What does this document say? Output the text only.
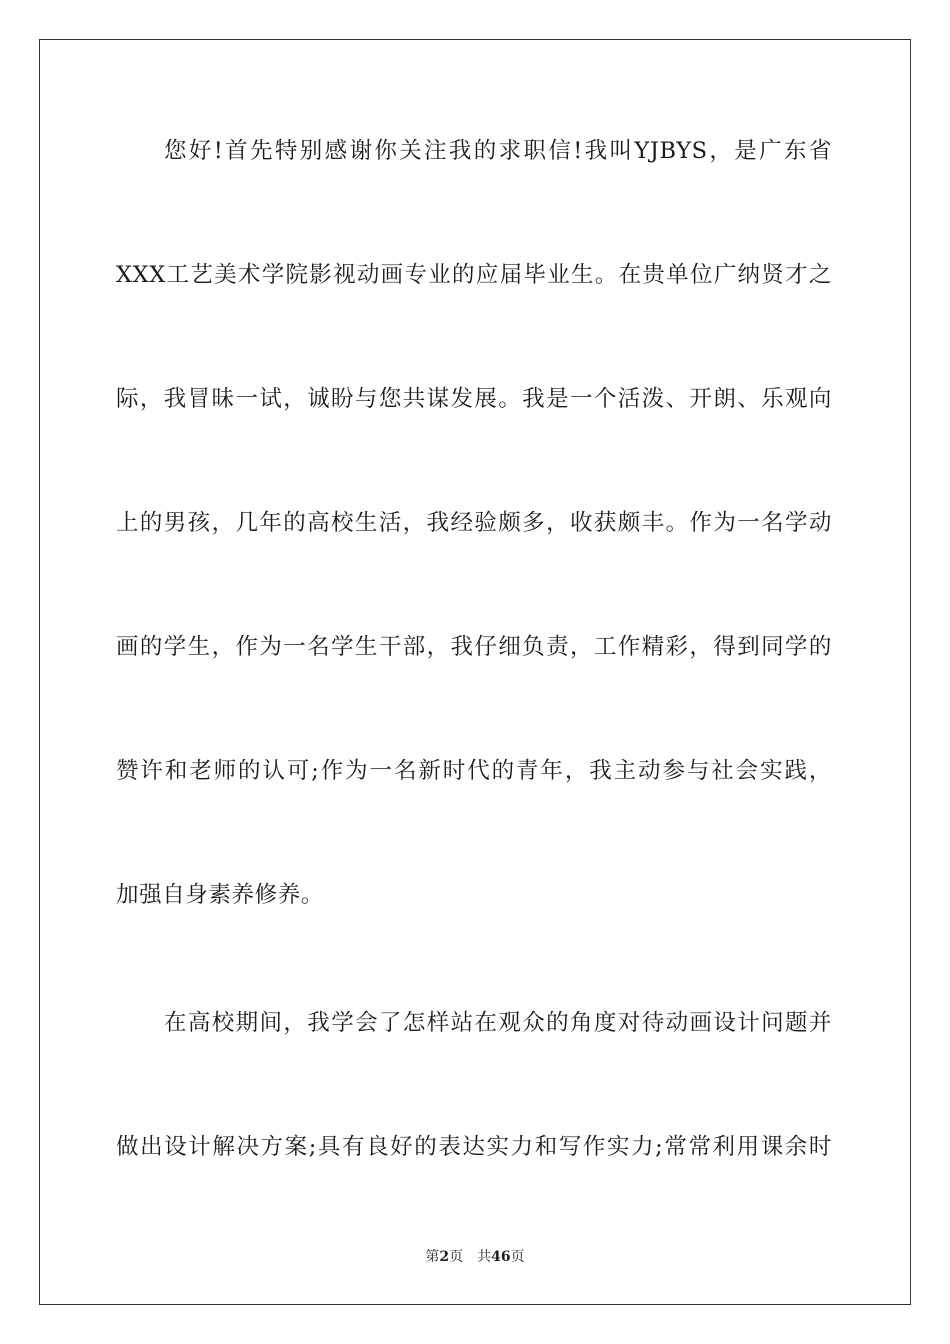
您好!首先特别感谢你关注我的求职信!我叫YJBYS，是广东省
XXX工艺美术学院影视动画专业的应届毕业生。在贵单位广纳贤才之
际，我冒昧一试，诚盼与您共谋发展。我是一个活泼、开朗、乐观向
上的男孩，几年的高校生活，我经验颇多，收获颇丰。作为一名学动
画的学生，作为一名学生干部，我仔细负责，工作精彩，得到同学的
赞许和老师的认可;作为一名新时代的青年，我主动参与社会实践，
加强自身素养修养。
在高校期间，我学会了怎样站在观众的角度对待动画设计问题并
做出设计解决方案;具有良好的表达实力和写作实力;常常利用课余时
第2页 共46页
